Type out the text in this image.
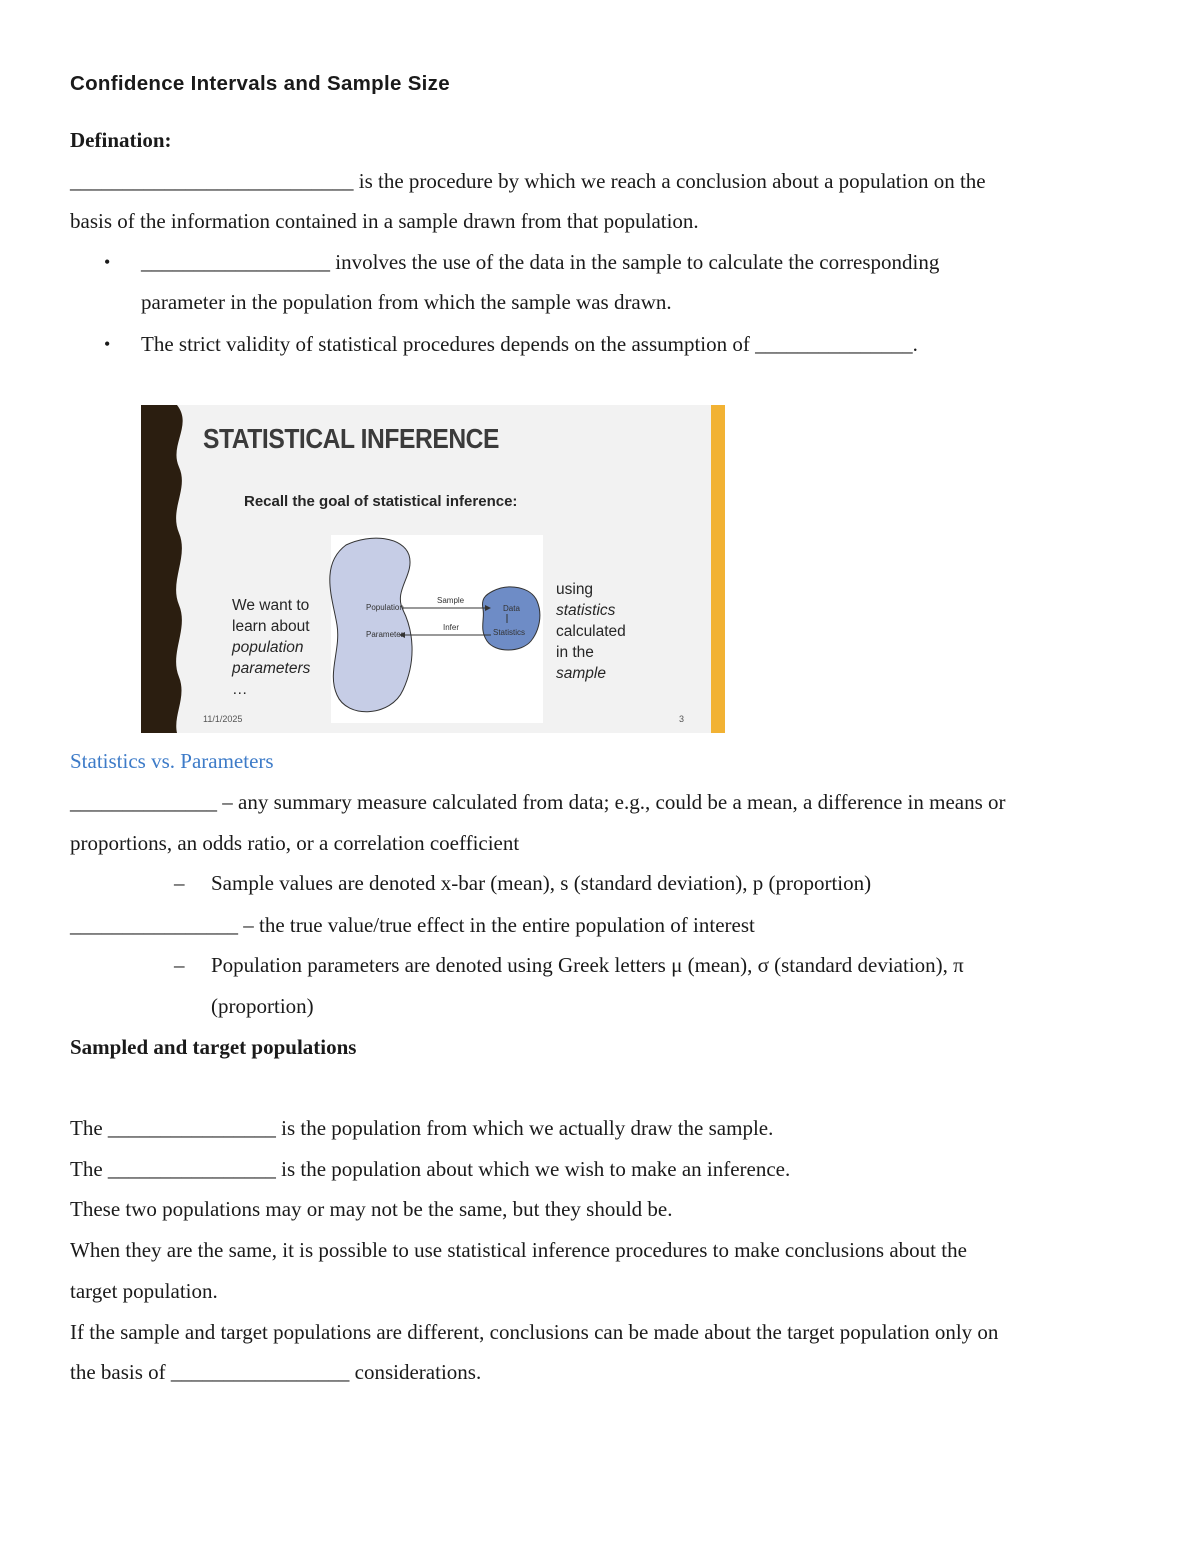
Confidence Intervals and Sample Size

Defination:

___________________________ is the procedure by which we reach a conclusion about a population on the

basis of the information contained in a sample drawn from that population.

• __________________ involves the use of the data in the sample to calculate the corresponding

parameter in the population from which the sample was drawn.

• The strict validity of statistical procedures depends on the assumption of _______________.

STATISTICAL INFERENCE
Recall the goal of statistical inference:
We want to
learn about
population
parameters
…
using
statistics
calculated
in the
sample
Population
Parameter
Sample
Infer
Data
Statistics
11/1/2025	3

Statistics vs. Parameters

______________ – any summary measure calculated from data; e.g., could be a mean, a difference in means or

proportions, an odds ratio, or a correlation coefficient

– Sample values are denoted x-bar (mean), s (standard deviation), p (proportion)

________________ – the true value/true effect in the entire population of interest

– Population parameters are denoted using Greek letters μ (mean), σ (standard deviation), π

(proportion)

Sampled and target populations

The ________________ is the population from which we actually draw the sample.

The ________________ is the population about which we wish to make an inference.

These two populations may or may not be the same, but they should be.

When they are the same, it is possible to use statistical inference procedures to make conclusions about the

target population.

If the sample and target populations are different, conclusions can be made about the target population only on

the basis of _________________ considerations.
